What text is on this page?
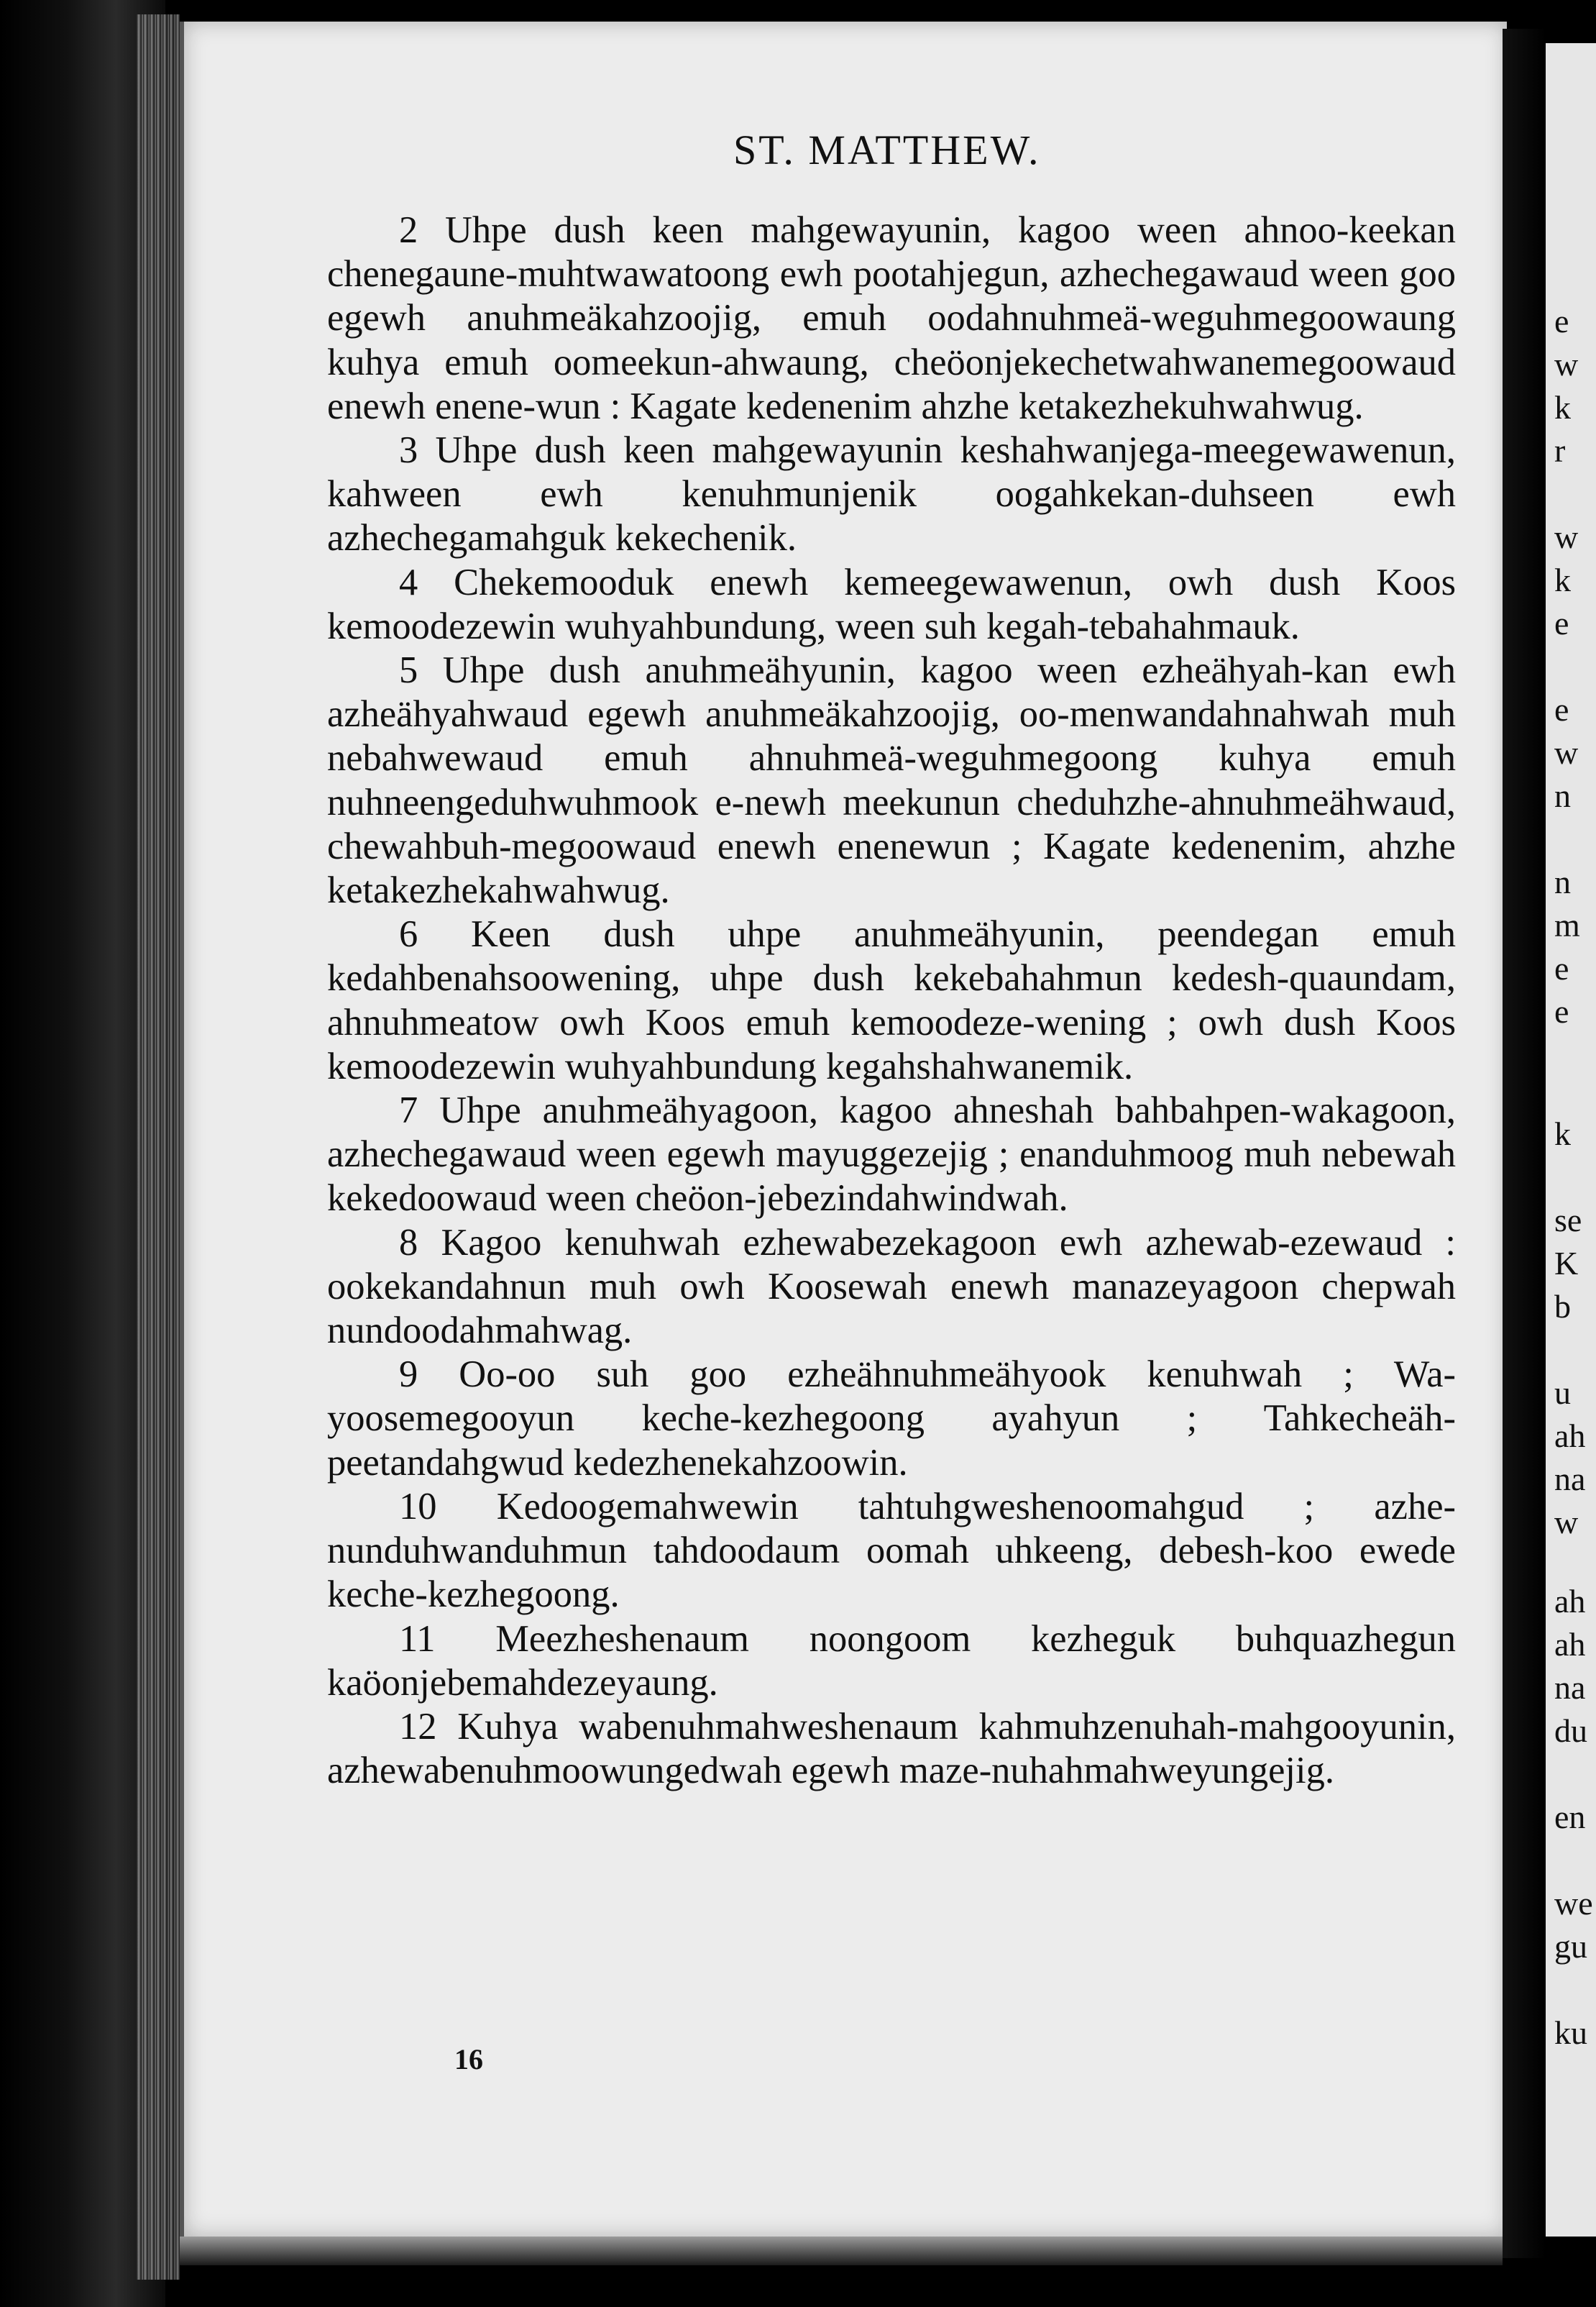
ST. MATTHEW.

2 Uhpe dush keen mahgewayunin, kagoo ween ahnoo-keekan chenegaune-muhtwawatoong ewh pootahjegun, azhechegawaud ween goo egewh anuhmeäkahzoojig, emuh oodahnuhmeä-weguhmegoowaung kuhya emuh oomeekun-ahwaung, cheöonjekechetwahwanemegoowaud enewh enene-wun : Kagate kedenenim ahzhe ketakezhekuhwahwug.

3 Uhpe dush keen mahgewayunin keshahwanjega-meegewawenun, kahween ewh kenuhmunjenik oogahkekan-duhseen ewh azhechegamahguk kekechenik.

4 Chekemooduk enewh kemeegewawenun, owh dush Koos kemoodezewin wuhyahbundung, ween suh kegah-tebahahmauk.

5 Uhpe dush anuhmeähyunin, kagoo ween ezheähyah-kan ewh azheähyahwaud egewh anuhmeäkahzoojig, oo-menwandahnahwah muh nebahwewaud emuh ahnuhmeä-weguhmegoong kuhya emuh nuhneengeduhwuhmook e-newh meekunun cheduhzhe-ahnuhmeähwaud, chewahbuh-megoowaud enewh enenewun ; Kagate kedenenim, ahzhe ketakezhekahwahwug.

6 Keen dush uhpe anuhmeähyunin, peendegan emuh kedahbenahsoowening, uhpe dush kekebahahmun kedesh-quaundam, ahnuhmeatow owh Koos emuh kemoodeze-wening ; owh dush Koos kemoodezewin wuhyahbundung kegahshahwanemik.

7 Uhpe anuhmeähyagoon, kagoo ahneshah bahbahpen-wakagoon, azhechegawaud ween egewh mayuggezejig ; enanduhmoog muh nebewah kekedoowaud ween cheöon-jebezindahwindwah.

8 Kagoo kenuhwah ezhewabezekagoon ewh azhewab-ezewaud : ookekandahnun muh owh Koosewah enewh manazeyagoon chepwah nundoodahmahwag.

9 Oo-oo suh goo ezheähnuhmeähyook kenuhwah ; Wa-yoosemegooyun keche-kezhegoong ayahyun ; Tahkecheäh-peetandahgwud kedezhenekahzoowin.

10 Kedoogemahwewin tahtuhgweshenoomahgud ; azhe-nunduhwanduhmun tahdoodaum oomah uhkeeng, debesh-koo ewede keche-kezhegoong.

11 Meezheshenaum noongoom kezheguk buhquazhegun kaöonjebemahdezeyaung.

12 Kuhya wabenuhmahweshenaum kahmuhzenuhah-mahgooyunin, azhewabenuhmoowungedwah egewh maze-nuhahmahweyungejig.

16
e
w
k
r
w
k
e
e
w
n
n
m
e
e
k
se
K
b
u
ah
na
w
ah
ah
na
du
en
we
gu
ku
